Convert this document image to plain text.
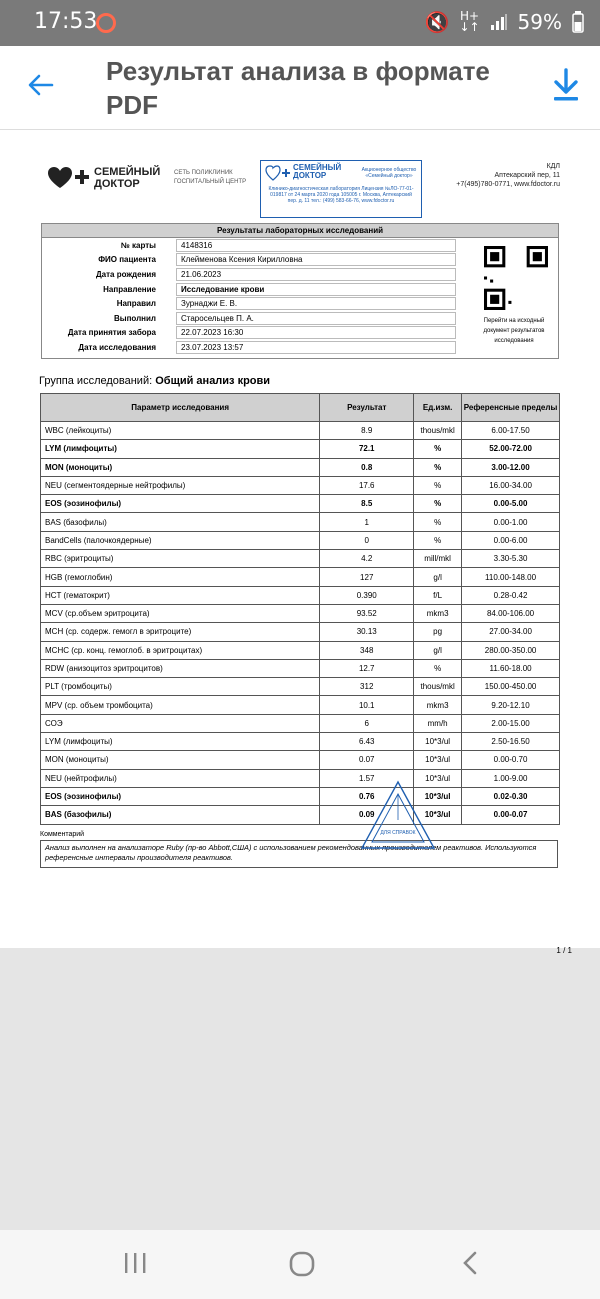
17:53	🔇 H+
↓↑ 59%
Результат анализа в формате PDF
СЕМЕЙНЫЙ
ДОКТОР
СЕТЬ ПОЛИКЛИНИК
ГОСПИТАЛЬНЫЙ ЦЕНТР
СЕМЕЙНЫЙ
ДОКТОР
Акционерное общество «Семейный доктор»
Клинико-диагностическая лаборатория Лицензия №ЛО-77-01-019817 от 24 марта 2020 года 105005 г. Москва, Аптекарский пер. д. 11 тел.: (499) 583-66-76, www.fdoctor.ru
КДЛ
Аптекарский пер, 11
+7(495)780-0771, www.fdoctor.ru
Результаты лабораторных исследований
№ карты	4148316
ФИО пациента	Клейменова Ксения Кирилловна
Дата рождения	21.06.2023
Направление	Исследование крови
Направил	Зурнаджи Е. В.
Выполнил	Старосельцев П. А.
Дата принятия забора	22.07.2023 16:30
Дата исследования	23.07.2023 13:57
Перейти на исходный документ результатов исследования
Группа исследований: Общий анализ крови
Параметр исследования	Результат	Ед.изм.	Референсные пределы
WBC (лейкоциты)	8.9	thous/mkl	6.00-17.50
LYM (лимфоциты)	72.1	%	52.00-72.00
MON (моноциты)	0.8	%	3.00-12.00
NEU (сегментоядерные нейтрофилы)	17.6	%	16.00-34.00
EOS (эозинофилы)	8.5	%	0.00-5.00
BAS (базофилы)	1	%	0.00-1.00
BandCells (палочкоядерные)	0	%	0.00-6.00
RBC (эритроциты)	4.2	mill/mkl	3.30-5.30
HGB (гемоглобин)	127	g/l	110.00-148.00
HCT (гематокрит)	0.390	f/L	0.28-0.42
MCV (ср.объем эритроцита)	93.52	mkm3	84.00-106.00
MCH (ср. содерж. гемогл в эритроците)	30.13	pg	27.00-34.00
MCHC (ср. конц. гемоглоб. в эритроцитах)	348	g/l	280.00-350.00
RDW (анизоцитоз эритроцитов)	12.7	%	11.60-18.00
PLT (тромбоциты)	312	thous/mkl	150.00-450.00
MPV (ср. объем тромбоцита)	10.1	mkm3	9.20-12.10
СОЭ	6	mm/h	2.00-15.00
LYM (лимфоциты)	6.43	10*3/ul	2.50-16.50
MON (моноциты)	0.07	10*3/ul	0.00-0.70
NEU (нейтрофилы)	1.57	10*3/ul	1.00-9.00
EOS (эозинофилы)	0.76	10*3/ul	0.02-0.30
BAS (базофилы)	0.09	10*3/ul	0.00-0.07
Комментарий
Анализ выполнен на анализаторе Ruby (пр-во Abbott,США) с использованием рекомендованных производителем реактивов. Используются референсные интервалы производителя реактивов.
ДЛЯ СПРАВОК
1 / 1
